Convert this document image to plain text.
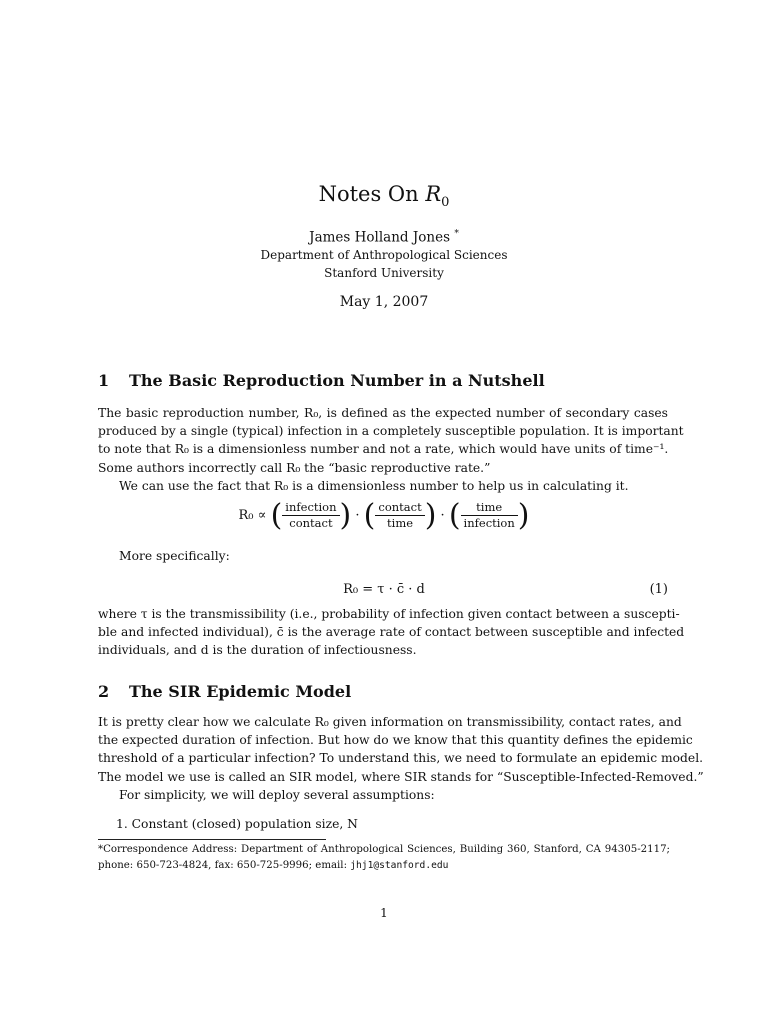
Notes On $R_0$
James Holland Jones *
Department of Anthropological Sciences
Stanford University
May 1, 2007
1 The Basic Reproduction Number in a Nutshell
The basic reproduction number, R₀, is defined as the expected number of secondary cases
produced by a single (typical) infection in a completely susceptible population. It is important
to note that R₀ is a dimensionless number and not a rate, which would have units of time⁻¹.
Some authors incorrectly call R₀ the “basic reproductive rate.”
We can use the fact that R₀ is a dimensionless number to help us in calculating it.
R₀ ∝ ( $\frac{\text{infection}}{\text{contact}}$ ) · ( $\frac{\text{contact}}{\text{time}}$ ) · ( $\frac{\text{time}}{\text{infection}}$ )
More specifically:
R₀ = τ · c̄ · d	(1)
where τ is the transmissibility (i.e., probability of infection given contact between a suscepti-
ble and infected individual), c̄ is the average rate of contact between susceptible and infected
individuals, and d is the duration of infectiousness.
2 The SIR Epidemic Model
It is pretty clear how we calculate R₀ given information on transmissibility, contact rates, and
the expected duration of infection. But how do we know that this quantity defines the epidemic
threshold of a particular infection? To understand this, we need to formulate an epidemic model.
The model we use is called an SIR model, where SIR stands for “Susceptible-Infected-Removed.”
For simplicity, we will deploy several assumptions:
1. Constant (closed) population size, N
*Correspondence Address: Department of Anthropological Sciences, Building 360, Stanford, CA 94305-2117;
phone: 650-723-4824, fax: 650-725-9996; email: jhj1@stanford.edu
1
